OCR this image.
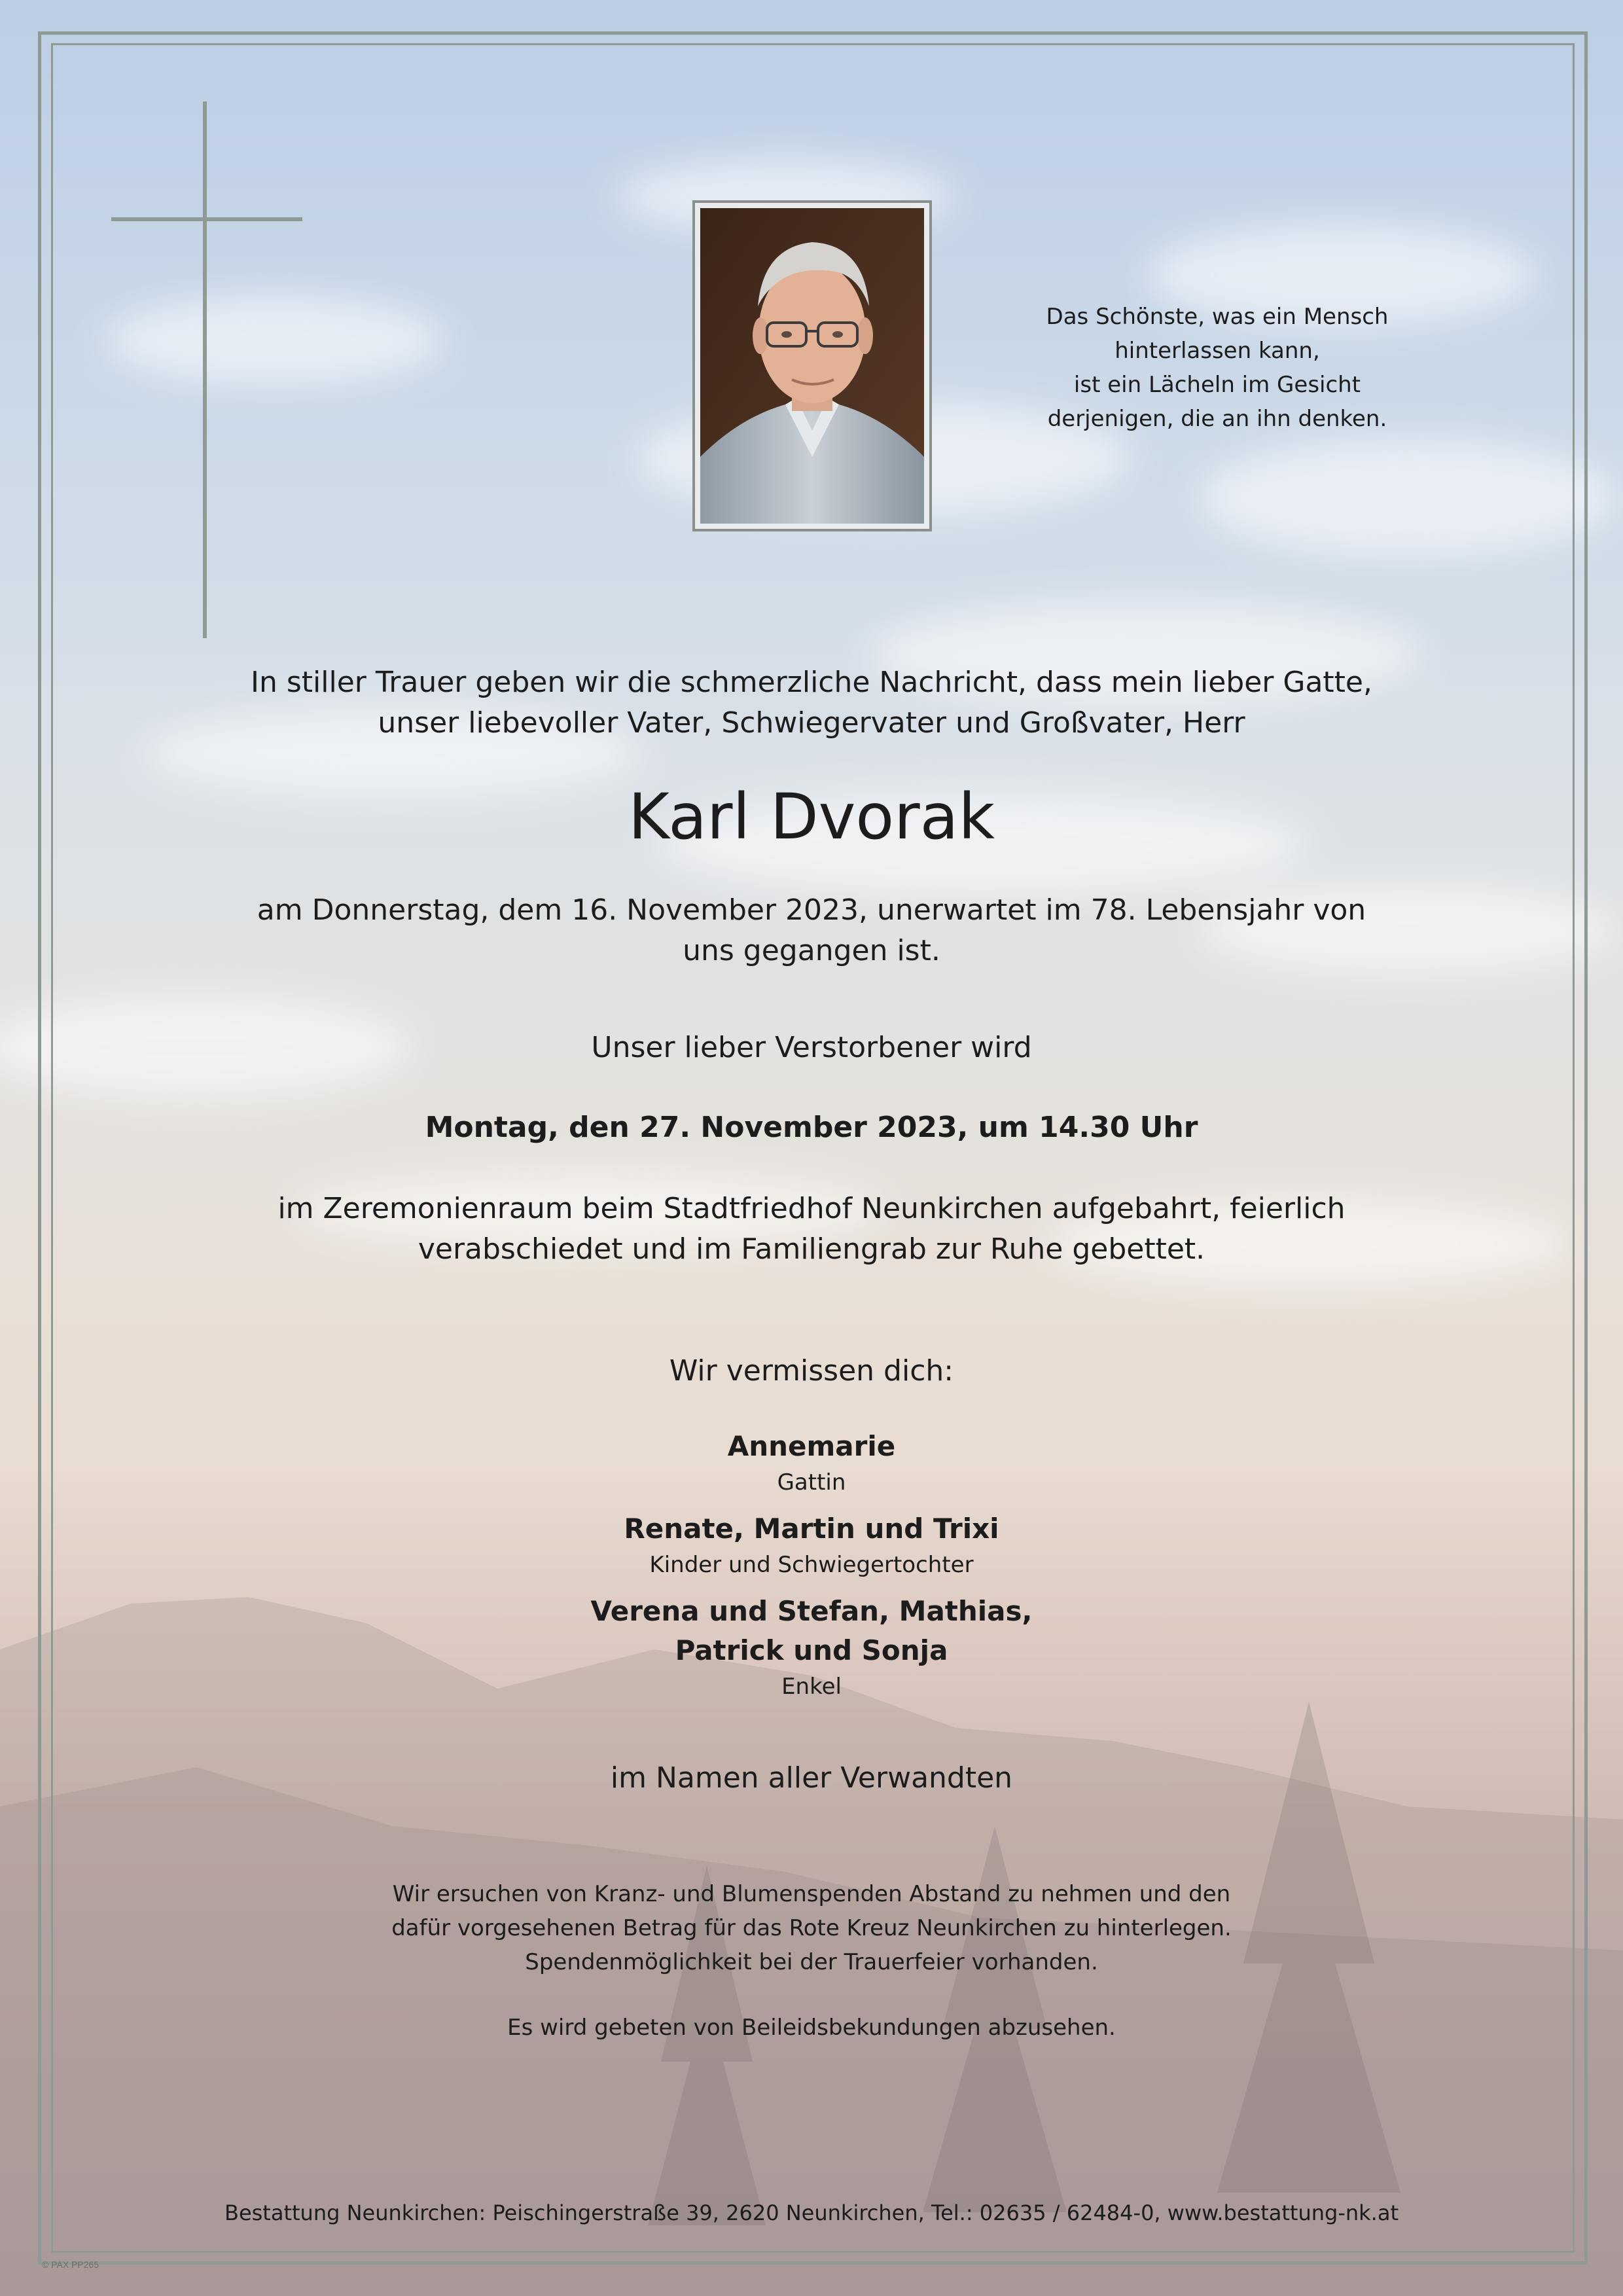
Das Schönste, was ein Mensch

hinterlassen kann,

ist ein Lächeln im Gesicht

derjenigen, die an ihn denken.

In stiller Trauer geben wir die schmerzliche Nachricht, dass mein lieber Gatte,

unser liebevoller Vater, Schwiegervater und Großvater, Herr

Karl Dvorak

am Donnerstag, dem 16. November 2023, unerwartet im 78. Lebensjahr von

uns gegangen ist.

Unser lieber Verstorbener wird
Montag, den 27. November 2023, um 14.30 Uhr

im Zeremonienraum beim Stadtfriedhof Neunkirchen aufgebahrt, feierlich

verabschiedet und im Familiengrab zur Ruhe gebettet.

Wir vermissen dich:

Annemarie

Gattin

Renate, Martin und Trixi

Kinder und Schwiegertochter

Verena und Stefan, Mathias,

Patrick und Sonja

Enkel

im Namen aller Verwandten

Wir ersuchen von Kranz- und Blumenspenden Abstand zu nehmen und den

dafür vorgesehenen Betrag für das Rote Kreuz Neunkirchen zu hinterlegen.

Spendenmöglichkeit bei der Trauerfeier vorhanden.

Es wird gebeten von Beileidsbekundungen abzusehen.
Bestattung Neunkirchen: Peischingerstraße 39, 2620 Neunkirchen, Tel.: 02635 / 62484-0, www.bestattung-nk.at
© PAX PP265
